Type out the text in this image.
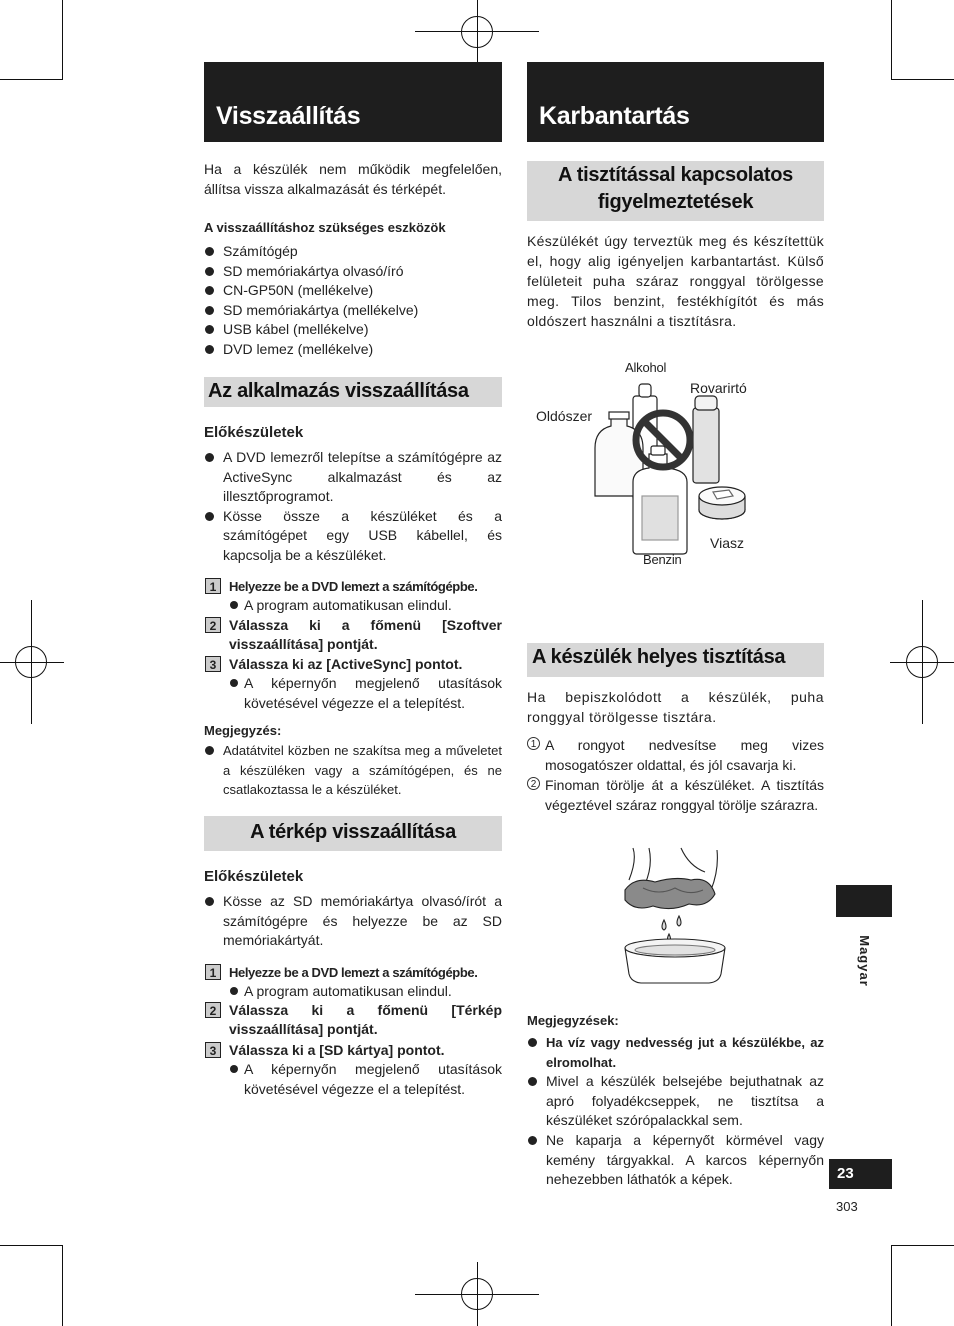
Visszaállítás
Ha a készülék nem működik megfelelően, állítsa vissza alkalmazását és térképét.
A visszaállításhoz szükséges eszközök
Számítógép
SD memóriakártya olvasó/író
CN-GP50N (mellékelve)
SD memóriakártya (mellékelve)
USB kábel (mellékelve)
DVD lemez (mellékelve)
Az alkalmazás visszaállítása
Előkészületek
A DVD lemezről telepítse a számítógépre az ActiveSync alkalmazást és az illesztőprogramot.
Kösse össze a készüléket és a számítógépet egy USB kábellel, és kapcsolja be a készüléket.
1 Helyezze be a DVD lemezt a számítógépbe.
A program automatikusan elindul.
2 Válassza ki a főmenü [Szoftver visszaállítása] pontját.
3 Válassza ki az [ActiveSync] pontot.
A képernyőn megjelenő utasítások követésével végezze el a telepítést.
Megjegyzés:
Adatátvitel közben ne szakítsa meg a műveletet a készüléken vagy a számítógépen, és ne csatlakoztassa le a készüléket.
A térkép visszaállítása
Előkészületek
Kösse az SD memóriakártya olvasó/írót a számítógépre és helyezze be az SD memóriakártyát.
1 Helyezze be a DVD lemezt a számítógépbe.
A program automatikusan elindul.
2 Válassza ki a főmenü [Térkép visszaállítása] pontját.
3 Válassza ki a [SD kártya] pontot.
A képernyőn megjelenő utasítások követésével végezze el a telepítést.
Karbantartás
A tisztítással kapcsolatos figyelmeztetések
Készülékét úgy terveztük meg és készítettük el, hogy alig igényeljen karbantartást. Külső felületeit puha száraz ronggyal törölgesse meg. Tilos benzint, festékhígítót és más oldószert használni a tisztításra.
Alkohol
Rovarirtó
Oldószer
Viasz
Benzin
A készülék helyes tisztítása
Ha bepiszkolódott a készülék, puha ronggyal törölgesse tisztára.
1 A rongyot nedvesítse meg vizes mosogatószer oldattal, és jól csavarja ki.
2 Finoman törölje át a készüléket. A tisztítás végeztével száraz ronggyal törölje szárazra.
Megjegyzések:
Ha víz vagy nedvesség jut a készülékbe, az elromolhat.
Mivel a készülék belsejébe bejuthatnak az apró folyadékcseppek, ne tisztítsa a készüléket szórópalackkal sem.
Ne kaparja a képernyőt körmével vagy kemény tárgyakkal. A karcos képernyőn nehezebben láthatók a képek.
Magyar
23
303
